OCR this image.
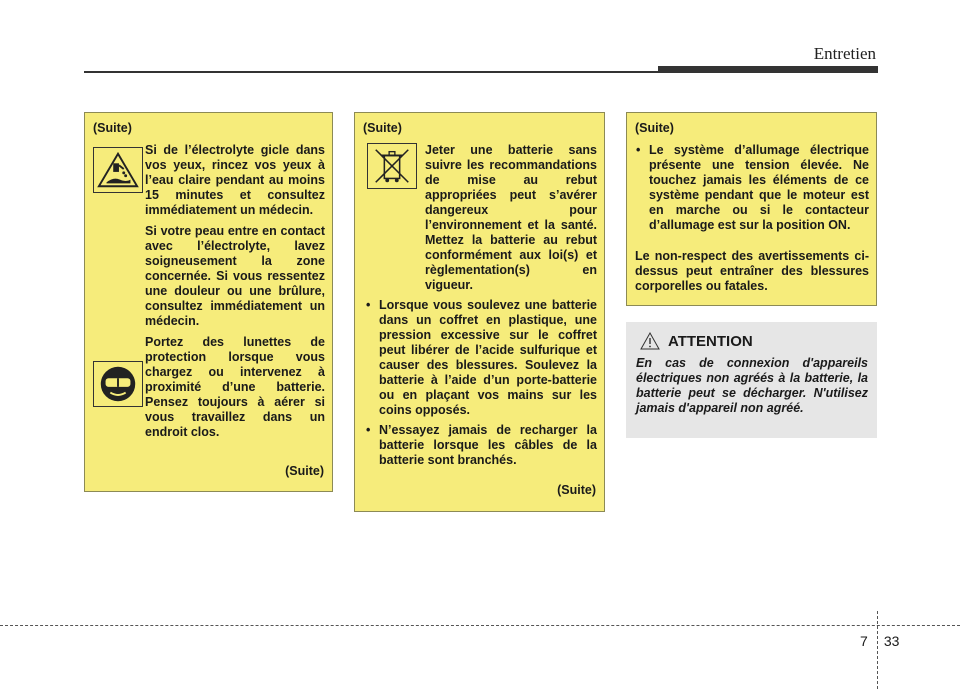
Entretien
(Suite)

Si de l’électrolyte gicle dans vos yeux, rincez vos yeux à l’eau claire pendant au moins 15 minutes et consultez immédiatement un médecin.

Si votre peau entre en contact avec l’électrolyte, lavez soigneusement la zone concernée. Si vous ressentez une douleur ou une brûlure, consultez immédiatement un médecin.

Portez des lunettes de protection lorsque vous chargez ou intervenez à proximité d’une batterie. Pensez toujours à aérer si vous travaillez dans un endroit clos.

(Suite)
(Suite)

Jeter une batterie sans suivre les recommandations de mise au rebut appropriées peut s’avérer dangereux pour l’environnement et la santé. Mettez la batterie au rebut conformément aux loi(s) et règlementation(s) en vigueur.

• Lorsque vous soulevez une batterie dans un coffret en plastique, une pression excessive sur le coffret peut libérer de l’acide sulfurique et causer des blessures. Soulevez la batterie à l’aide d’un porte-batterie ou en plaçant vos mains sur les coins opposés.
• N’essayez jamais de recharger la batterie lorsque les câbles de la batterie sont branchés.
(Suite)
(Suite)
• Le système d’allumage électrique présente une tension élevée. Ne touchez jamais les éléments de ce système pendant que le moteur est en marche ou si le contacteur d’allumage est sur la position ON.
Le non-respect des avertissements ci-dessus peut entraîner des blessures corporelles ou fatales.
ATTENTION
En cas de connexion d'appareils électriques non agréés à la batterie, la batterie peut se décharger. N'utilisez jamais d'appareil non agréé.
7 33
